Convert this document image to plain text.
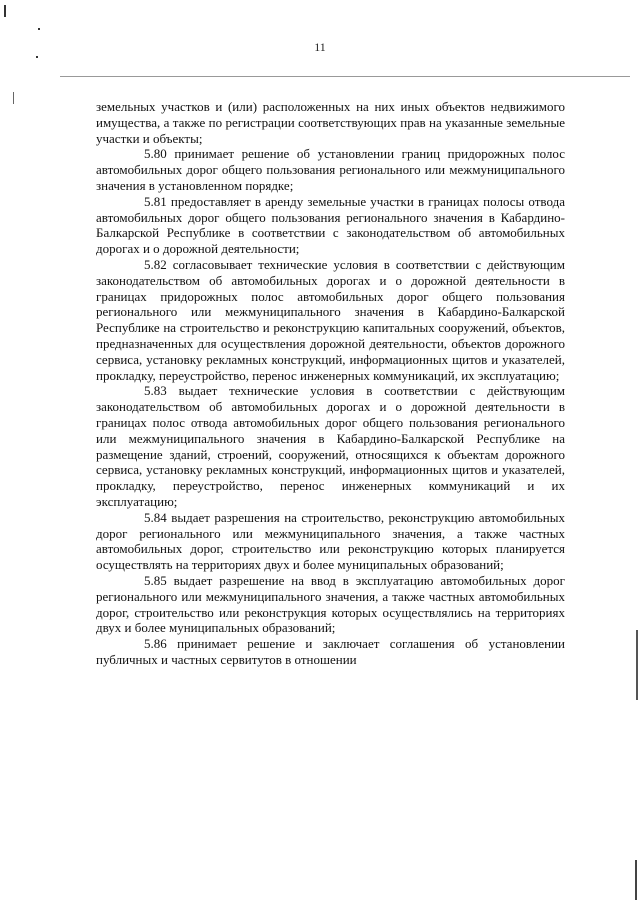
11

земельных участков и (или) расположенных на них иных объектов недвижимого имущества, а также по регистрации соответствующих прав на указанные земельные участки и объекты;

5.80 принимает решение об установлении границ придорожных полос автомобильных дорог общего пользования регионального или межмуниципального значения в установленном порядке;

5.81 предоставляет в аренду земельные участки в границах полосы отвода автомобильных дорог общего пользования регионального значения в Кабардино-Балкарской Республике в соответствии с законодательством об автомобильных дорогах и о дорожной деятельности;

5.82 согласовывает технические условия в соответствии с действующим законодательством об автомобильных дорогах и о дорожной деятельности в границах придорожных полос автомобильных дорог общего пользования регионального или межмуниципального значения в Кабардино-Балкарской Республике на строительство и реконструкцию капитальных сооружений, объектов, предназначенных для осуществления дорожной деятельности, объектов дорожного сервиса, установку рекламных конструкций, информационных щитов и указателей, прокладку, переустройство, перенос инженерных коммуникаций, их эксплуатацию;

5.83 выдает технические условия в соответствии с действующим законодательством об автомобильных дорогах и о дорожной деятельности в границах полос отвода автомобильных дорог общего пользования регионального или межмуниципального значения в Кабардино-Балкарской Республике на размещение зданий, строений, сооружений, относящихся к объектам дорожного сервиса, установку рекламных конструкций, информационных щитов и указателей, прокладку, переустройство, перенос инженерных коммуникаций и их эксплуатацию;

5.84 выдает разрешения на строительство, реконструкцию автомобильных дорог регионального или межмуниципального значения, а также частных автомобильных дорог, строительство или реконструкцию которых планируется осуществлять на территориях двух и более муниципальных образований;

5.85 выдает разрешение на ввод в эксплуатацию автомобильных дорог регионального или межмуниципального значения, а также частных автомобильных дорог, строительство или реконструкция которых осуществлялись на территориях двух и более муниципальных образований;

5.86 принимает решение и заключает соглашения об установлении публичных и частных сервитутов в отношении
